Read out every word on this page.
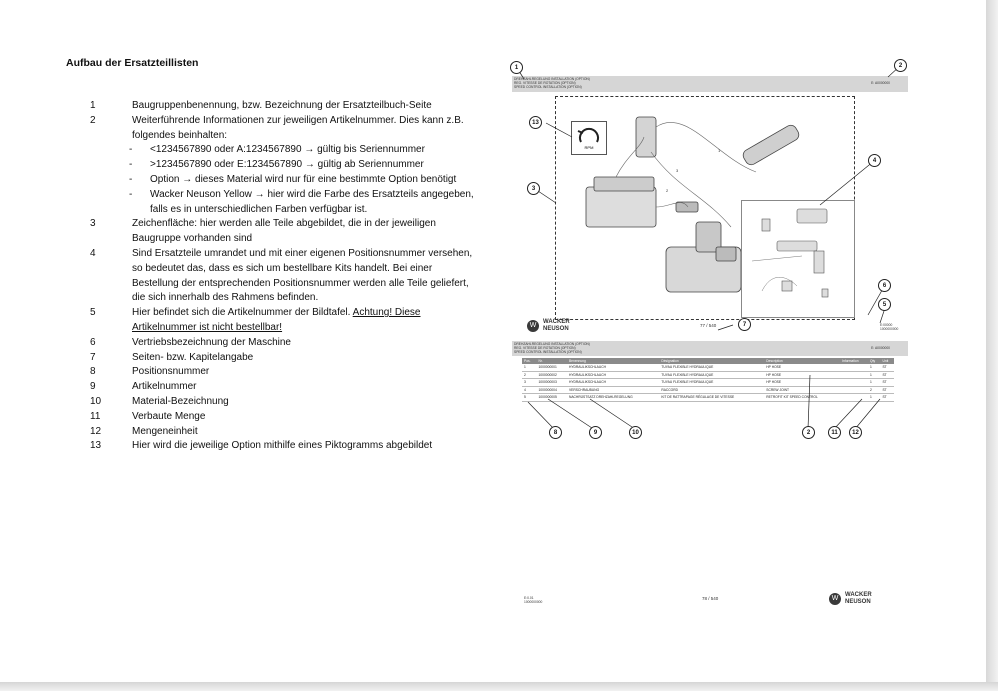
Aufbau der Ersatzteillisten
1	Baugruppenbenennung, bzw. Bezeichnung der Ersatzteilbuch-Seite
2	Weiterführende Informationen zur jeweiligen Artikelnummer. Dies kann z.B. folgendes beinhalten:
- <1234567890 oder A:1234567890 → gültig bis Seriennummer
- >1234567890 oder E:1234567890 → gültig ab Seriennummer
- Option → dieses Material wird nur für eine bestimmte Option benötigt
- Wacker Neuson Yellow → hier wird die Farbe des Ersatzteils angegeben, falls es in unterschiedlichen Farben verfügbar ist.
3	Zeichenfläche: hier werden alle Teile abgebildet, die in der jeweiligen Baugruppe vorhanden sind
4	Sind Ersatzteile umrandet und mit einer eigenen Positionsnummer versehen, so bedeutet das, dass es sich um bestellbare Kits handelt. Bei einer Bestellung der entsprechenden Positionsnummer werden alle Teile geliefert, die sich innerhalb des Rahmens befinden.
5	Hier befindet sich die Artikelnummer der Bildtafel. Achtung! Diese Artikelnummer ist nicht bestellbar!
6	Vertriebsbezeichnung der Maschine
7	Seiten- bzw. Kapitelangabe
8	Positionsnummer
9	Artikelnummer
10	Material-Bezeichnung
11	Verbaute Menge
12	Mengeneinheit
13	Hier wird die jeweilige Option mithilfe eines Piktogramms abgebildet
DREHZAHLREGELUNG INSTALLATION (OPTION)
REG. VITESSE DE ROTATION (OPTION)
SPEED CONTROL INSTALLATION (OPTION)
E: A0000000
1
2
3
RPM
W	WACKER
NEUSON	77 / 540	E:00000
1000000000
DREHZAHLREGELUNG INSTALLATION (OPTION)
REG. VITESSE DE ROTATION (OPTION)
SPEED CONTROL INSTALLATION (OPTION)
E: A0000000
Pos.	Nr.	Benennung	Désignation	Description	Information	Qty	Unit
1	1000000001	HYDRAULIKSCHLAUCH	TUYAU FLEXIBLE HYDRAULIQUE	HP HOSE		1	ST
2	1000000002	HYDRAULIKSCHLAUCH	TUYAU FLEXIBLE HYDRAULIQUE	HP HOSE		1	ST
3	1000000003	HYDRAULIKSCHLAUCH	TUYAU FLEXIBLE HYDRAULIQUE	HP HOSE		1	ST
4	1000000004	VERSCHRAUBUNG	RACCORD	SCREW JOINT		2	ST
5	1000000005	NACHRÜSTSATZ DREHZAHLREGELUNG	KIT DE RATTRAPAGE RÉGULAGE DE VITESSE	RETROFIT KIT SPEED CONTROL		1	ST
E:0.01
1000000000
78 / 540	W	WACKER
NEUSON
1	2
3
4
5
6
7
8	9	10	2	11	12
13
